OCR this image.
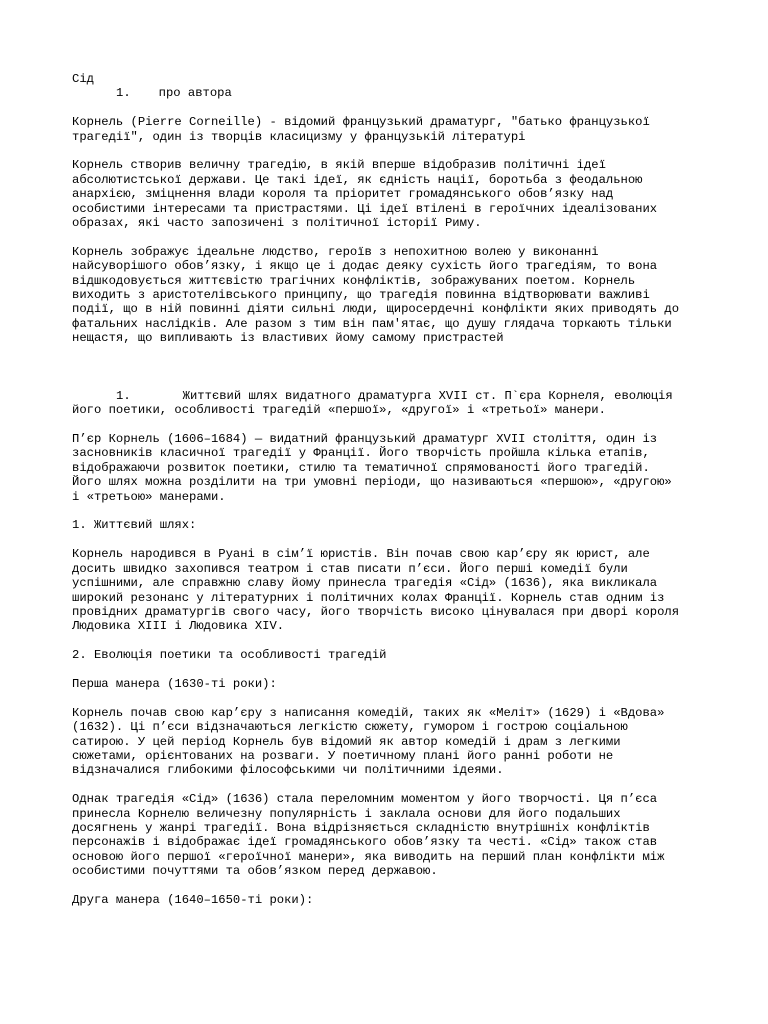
Сід
1. про автора
Корнель (Pierre Corneille) - відомий французький драматург, "батько французької
трагедії", один із творців класицизму у французькій літературі
Корнель створив величну трагедію, в якій вперше відобразив політичні ідеї
абсолютистської держави. Це такі ідеї, як єдність нації, боротьба з феодальною
анархією, зміцнення влади короля та пріоритет громадянського обов’язку над
особистими інтересами та пристрастями. Ці ідеї втілені в героїчних ідеалізованих
образах, які часто запозичені з політичної історії Риму.
Корнель зображує ідеальне людство, героїв з непохитною волею у виконанні
найсуворішого обов’язку, і якщо це і додає деяку сухість його трагедіям, то вона
відшкодовується життєвістю трагічних конфліктів, зображуваних поетом. Корнель
виходить з аристотелівського принципу, що трагедія повинна відтворювати важливі
події, що в ній повинні діяти сильні люди, щиросердечні конфлікти яких приводять до
фатальних наслідків. Але разом з тим він пам'ятає, що душу глядача торкають тільки
нещастя, що випливають із властивих йому самому пристрастей
1.	Життєвий шлях видатного драматурга XVII ст. П`єра Корнеля, еволюція
його поетики, особливості трагедій «першої», «другої» і «третьої» манери.
П’єр Корнель (1606–1684) — видатний французький драматург XVII століття, один із
засновників класичної трагедії у Франції. Його творчість пройшла кілька етапів,
відображаючи розвиток поетики, стилю та тематичної спрямованості його трагедій.
Його шлях можна розділити на три умовні періоди, що називаються «першою», «другою»
і «третьою» манерами.
1. Життєвий шлях:
Корнель народився в Руані в сім’ї юристів. Він почав свою кар’єру як юрист, але
досить швидко захопився театром і став писати п’єси. Його перші комедії були
успішними, але справжню славу йому принесла трагедія «Сід» (1636), яка викликала
широкий резонанс у літературних і політичних колах Франції. Корнель став одним із
провідних драматургів свого часу, його творчість високо цінувалася при дворі короля
Людовика XIII і Людовика XIV.
2. Еволюція поетики та особливості трагедій
Перша манера (1630-ті роки):
Корнель почав свою кар’єру з написання комедій, таких як «Меліт» (1629) і «Вдова»
(1632). Ці п’єси відзначаються легкістю сюжету, гумором і гострою соціальною
сатирою. У цей період Корнель був відомий як автор комедій і драм з легкими
сюжетами, орієнтованих на розваги. У поетичному плані його ранні роботи не
відзначалися глибокими філософськими чи політичними ідеями.
Однак трагедія «Сід» (1636) стала переломним моментом у його творчості. Ця п’єса
принесла Корнелю величезну популярність і заклала основи для його подальших
досягнень у жанрі трагедії. Вона відрізняється складністю внутрішніх конфліктів
персонажів і відображає ідеї громадянського обов’язку та честі. «Сід» також став
основою його першої «героїчної манери», яка виводить на перший план конфлікти між
особистими почуттями та обов’язком перед державою.
Друга манера (1640–1650-ті роки):
